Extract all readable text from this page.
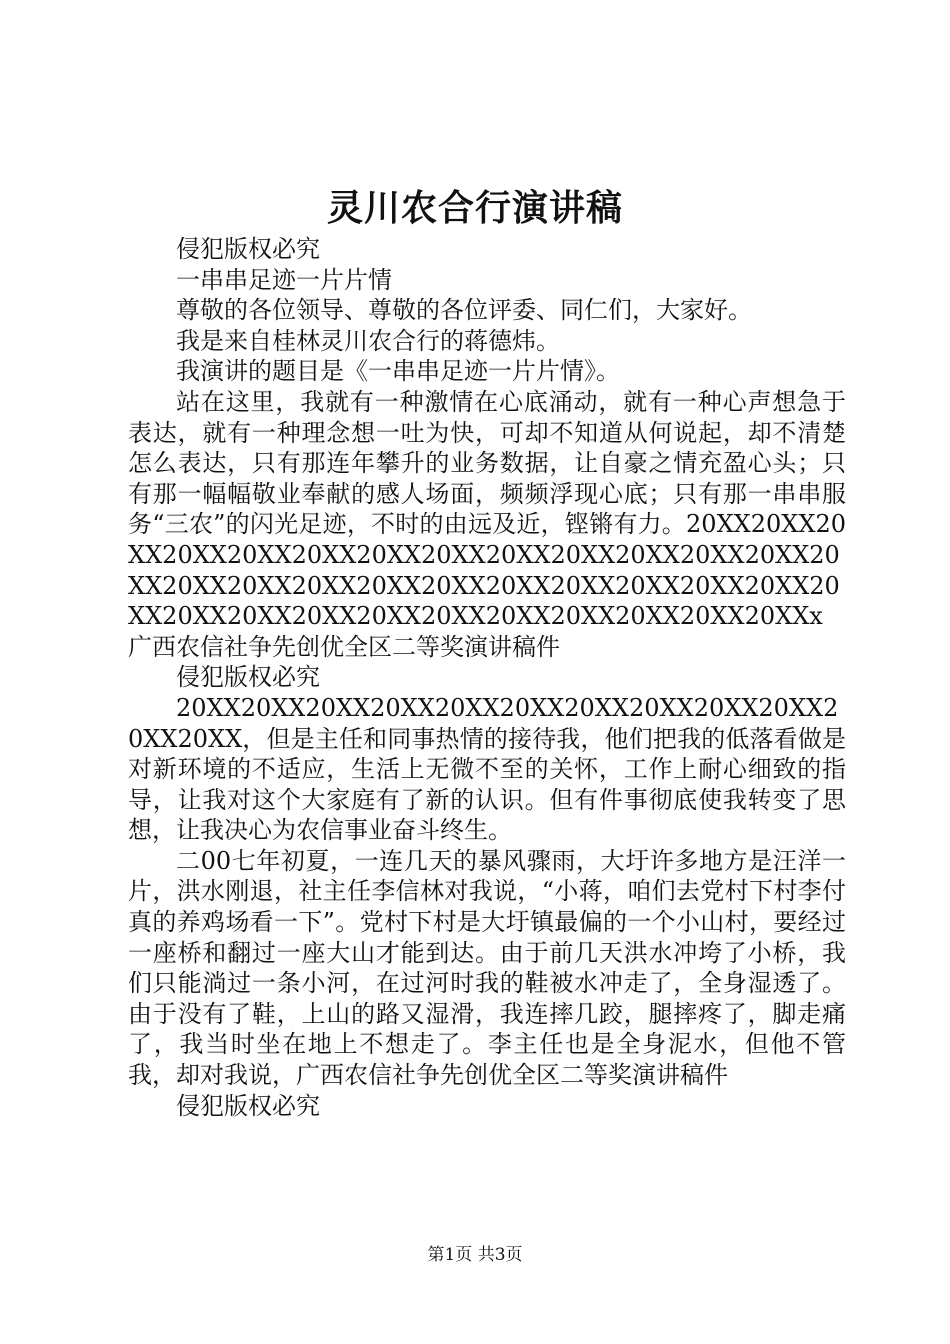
灵川农合行演讲稿

侵犯版权必究

一串串足迹一片片情

尊敬的各位领导、尊敬的各位评委、同仁们，大家好。

我是来自桂林灵川农合行的蒋德炜。

我演讲的题目是《一串串足迹一片片情》。

站在这里，我就有一种激情在心底涌动，就有一种心声想急于表达，就有一种理念想一吐为快，可却不知道从何说起，却不清楚怎么表达，只有那连年攀升的业务数据，让自豪之情充盈心头；只有那一幅幅敬业奉献的感人场面，频频浮现心底；只有那一串串服务“三农”的闪光足迹，不时的由远及近，铿锵有力。20XX20XX20XX20XX20XX20XX20XX20XX20XX20XX20XX20XX20XX20XX20XX20XX20XX20XX20XX20XX20XX20XX20XX20XX20XX20XX20XX20XX20XX20XX20XX20XX20XX20XX20XXx广西农信社争先创优全区二等奖演讲稿件

侵犯版权必究

20XX20XX20XX20XX20XX20XX20XX20XX20XX20XX20XX20XX，但是主任和同事热情的接待我，他们把我的低落看做是对新环境的不适应，生活上无微不至的关怀，工作上耐心细致的指导，让我对这个大家庭有了新的认识。但有件事彻底使我转变了思想，让我决心为农信事业奋斗终生。

二00七年初夏，一连几天的暴风骤雨，大圩许多地方是汪洋一片，洪水刚退，社主任李信林对我说，“小蒋，咱们去党村下村李付真的养鸡场看一下”。党村下村是大圩镇最偏的一个小山村，要经过一座桥和翻过一座大山才能到达。由于前几天洪水冲垮了小桥，我们只能淌过一条小河，在过河时我的鞋被水冲走了，全身湿透了。由于没有了鞋，上山的路又湿滑，我连摔几跤，腿摔疼了，脚走痛了，我当时坐在地上不想走了。李主任也是全身泥水，但他不管我，却对我说，广西农信社争先创优全区二等奖演讲稿件

侵犯版权必究

第1页 共3页
